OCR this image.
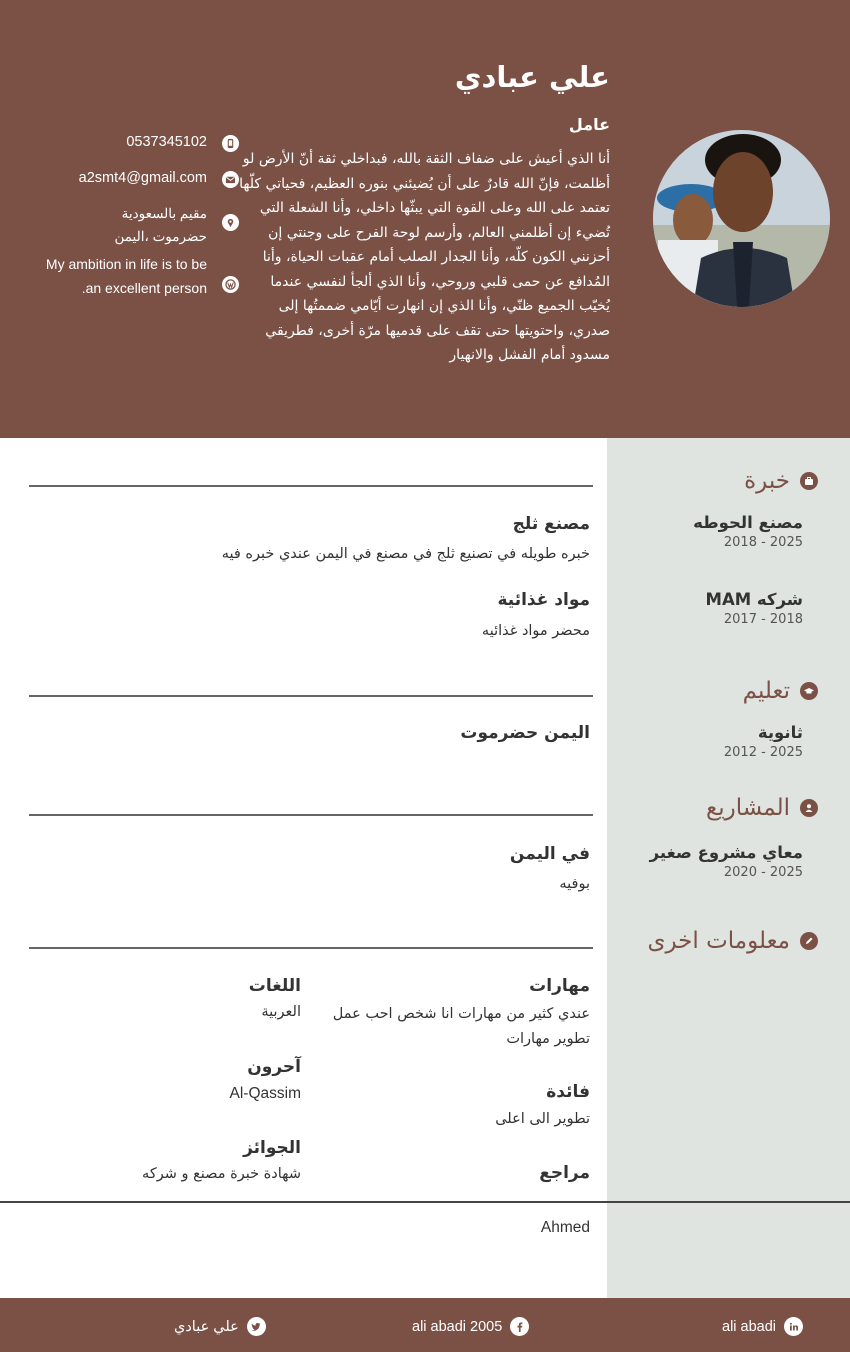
علي عبادي
عامل
أنا الذي أعيش على ضفاف الثقة بالله، فبداخلي ثقة أنّ الأرض لو أظلمت، فإنّ الله قادرٌ على أن يُضيئني بنوره العظيم، فحياتي كلّها تعتمد على الله وعلى القوة التي يبثّها داخلي، وأنا الشعلة التي تُضيء إن أظلمني العالم، وأرسم لوحة الفرح على وجنتي إن أحزنني الكون كلّه، وأنا الجدار الصلب أمام عقبات الحياة، وأنا المُدافع عن حمى قلبي وروحي، وأنا الذي ألجأ لنفسي عندما يُخيّب الجميع ظنّي، وأنا الذي إن انهارت أيّامي ضممتُها إلى صدري، واحتويتها حتى تقف على قدميها مرّة أخرى، فطريقي مسدود أمام الفشل والانهيار
0537345102
a2smt4@gmail.com
مقيم بالسعودية
حضرموت ،اليمن
My ambition in life is to be an excellent person.
خبرة
مصنع الحوطه
2018 - 2025
شركه MAM
2017 - 2018
تعليم
ثانوية
2012 - 2025
المشاريع
معاي مشروع صغير
2020 - 2025
معلومات اخرى
مصنع ثلج
خبره طويله في تصنيع ثلج في مصنع في اليمن عندي خبره فيه
مواد غذائية
محضر مواد غذائيه
اليمن حضرموت
في اليمن
بوفيه
مهارات
عندي كثير من مهارات انا شخص احب عمل تطوير مهارات
فائدة
تطوير الى اعلى
مراجع
اللغات
العربية
آحرون
Al-Qassim
الجوائز
شهادة خبرة مصنع و شركه
Ahmed
ali abadi
ali abadi 2005
علي عبادي
